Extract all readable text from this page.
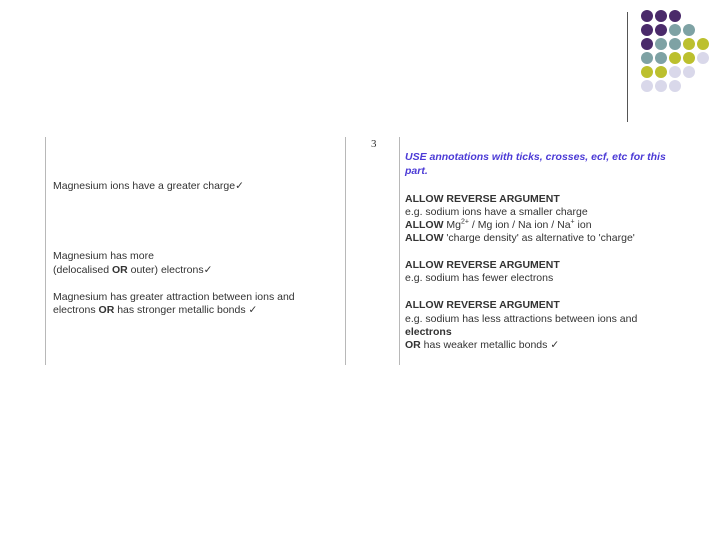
3
Magnesium ions have a greater charge✓
Magnesium has more
(delocalised OR outer) electrons✓
Magnesium has greater attraction between ions and
electrons OR has stronger metallic bonds ✓
USE annotations with ticks, crosses, ecf, etc for this
part.
ALLOW REVERSE ARGUMENT
e.g. sodium ions have a smaller charge
ALLOW $Mg^{2+}$ / Mg ion / Na ion / Na+ ion
ALLOW 'charge density' as alternative to 'charge'
ALLOW REVERSE ARGUMENT
e.g. sodium has fewer electrons
ALLOW REVERSE ARGUMENT
e.g. sodium has less attractions between ions and
electrons
OR has weaker metallic bonds ✓
